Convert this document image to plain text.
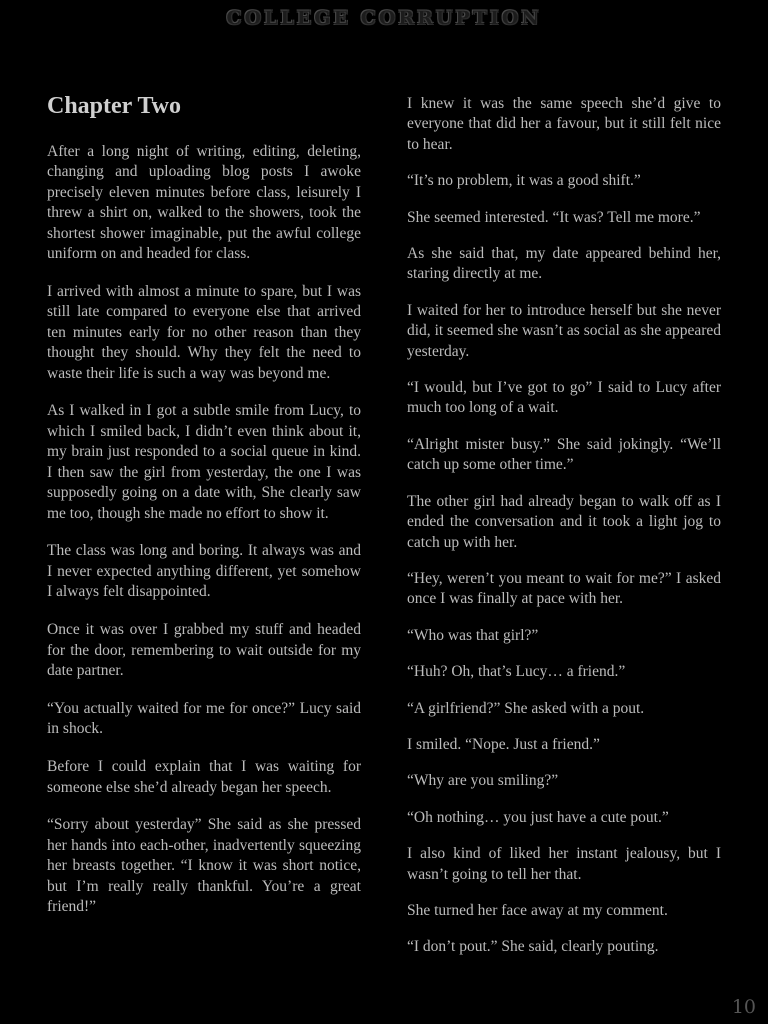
COLLEGE CORRUPTION
Chapter Two

After a long night of writing, editing, deleting, changing and uploading blog posts I awoke precisely eleven minutes before class, leisurely I threw a shirt on, walked to the showers, took the shortest shower imaginable, put the awful college uniform on and headed for class.

I arrived with almost a minute to spare, but I was still late compared to everyone else that arrived ten minutes early for no other reason than they thought they should. Why they felt the need to waste their life is such a way was beyond me.

As I walked in I got a subtle smile from Lucy, to which I smiled back, I didn’t even think about it, my brain just responded to a social queue in kind. I then saw the girl from yesterday, the one I was supposedly going on a date with, She clearly saw me too, though she made no effort to show it.

The class was long and boring. It always was and I never expected anything different, yet somehow I always felt disappointed.

Once it was over I grabbed my stuff and headed for the door, remembering to wait outside for my date partner.

“You actually waited for me for once?” Lucy said in shock.

Before I could explain that I was waiting for someone else she’d already began her speech.

“Sorry about yesterday” She said as she pressed her hands into each-other, inadvertently squeezing her breasts together. “I know it was short notice, but I’m really really thankful. You’re a great friend!”

I knew it was the same speech she’d give to everyone that did her a favour, but it still felt nice to hear.

“It’s no problem, it was a good shift.”

She seemed interested. “It was? Tell me more.”

As she said that, my date appeared behind her, staring directly at me.

I waited for her to introduce herself but she never did, it seemed she wasn’t as social as she appeared yesterday.

“I would, but I’ve got to go” I said to Lucy after much too long of a wait.

“Alright mister busy.” She said jokingly. “We’ll catch up some other time.”

The other girl had already began to walk off as I ended the conversation and it took a light jog to catch up with her.

“Hey, weren’t you meant to wait for me?” I asked once I was finally at pace with her.

“Who was that girl?”

“Huh? Oh, that’s Lucy… a friend.”

“A girlfriend?” She asked with a pout.

I smiled. “Nope. Just a friend.”

“Why are you smiling?”

“Oh nothing… you just have a cute pout.”

I also kind of liked her instant jealousy, but I wasn’t going to tell her that.

She turned her face away at my comment.

“I don’t pout.” She said, clearly pouting.

10
